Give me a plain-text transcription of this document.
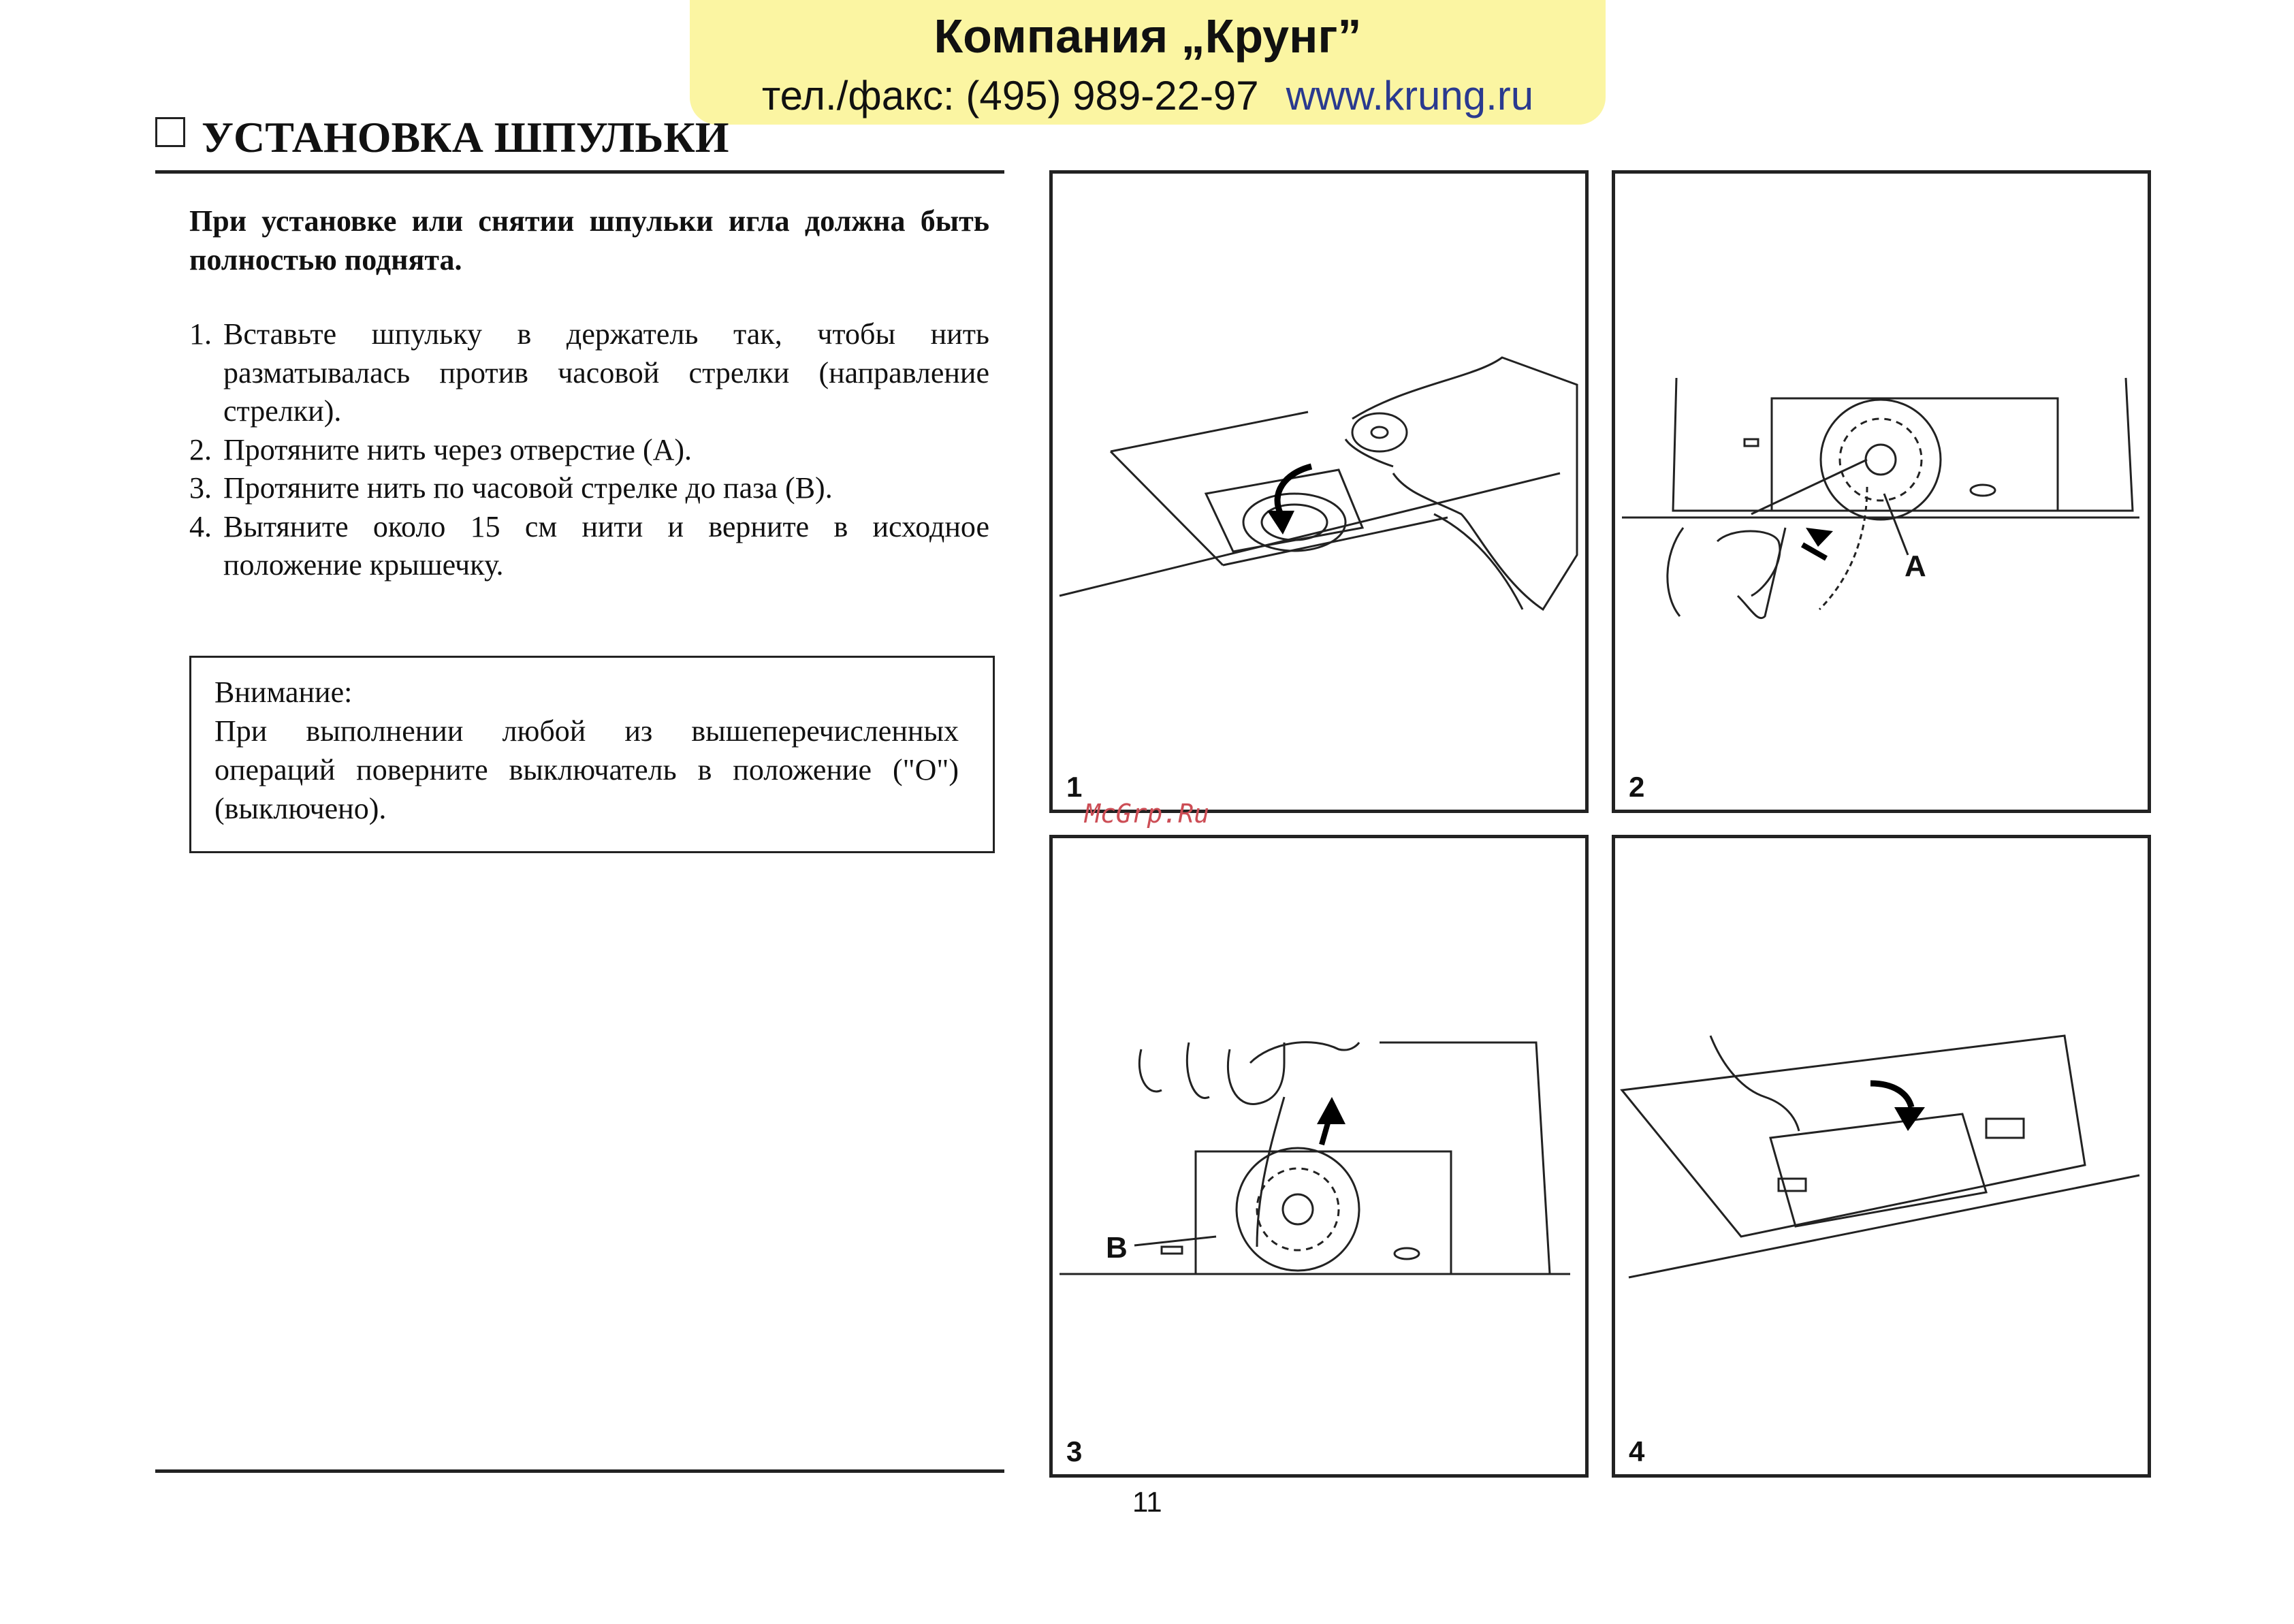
Компания „Крунг”
тел./факс: (495) 989-22-97 www.krung.ru
УСТАНОВКА ШПУЛЬКИ
При установке или снятии шпульки игла должна быть полностью поднята.
1. Вставьте шпульку в держатель так, чтобы нить разматывалась против часовой стрелки (направление стрелки).
2. Протяните нить через отверстие (A).
3. Протяните нить по часовой стрелке до паза (B).
4. Вытяните около 15 см нити и верните в исходное положение крышечку.
Внимание:
При выполнении любой из вышеперечисленных операций поверните выключатель в положение ("О") (выключено).
1
A
2
B
3	4
McGrp.Ru
11
